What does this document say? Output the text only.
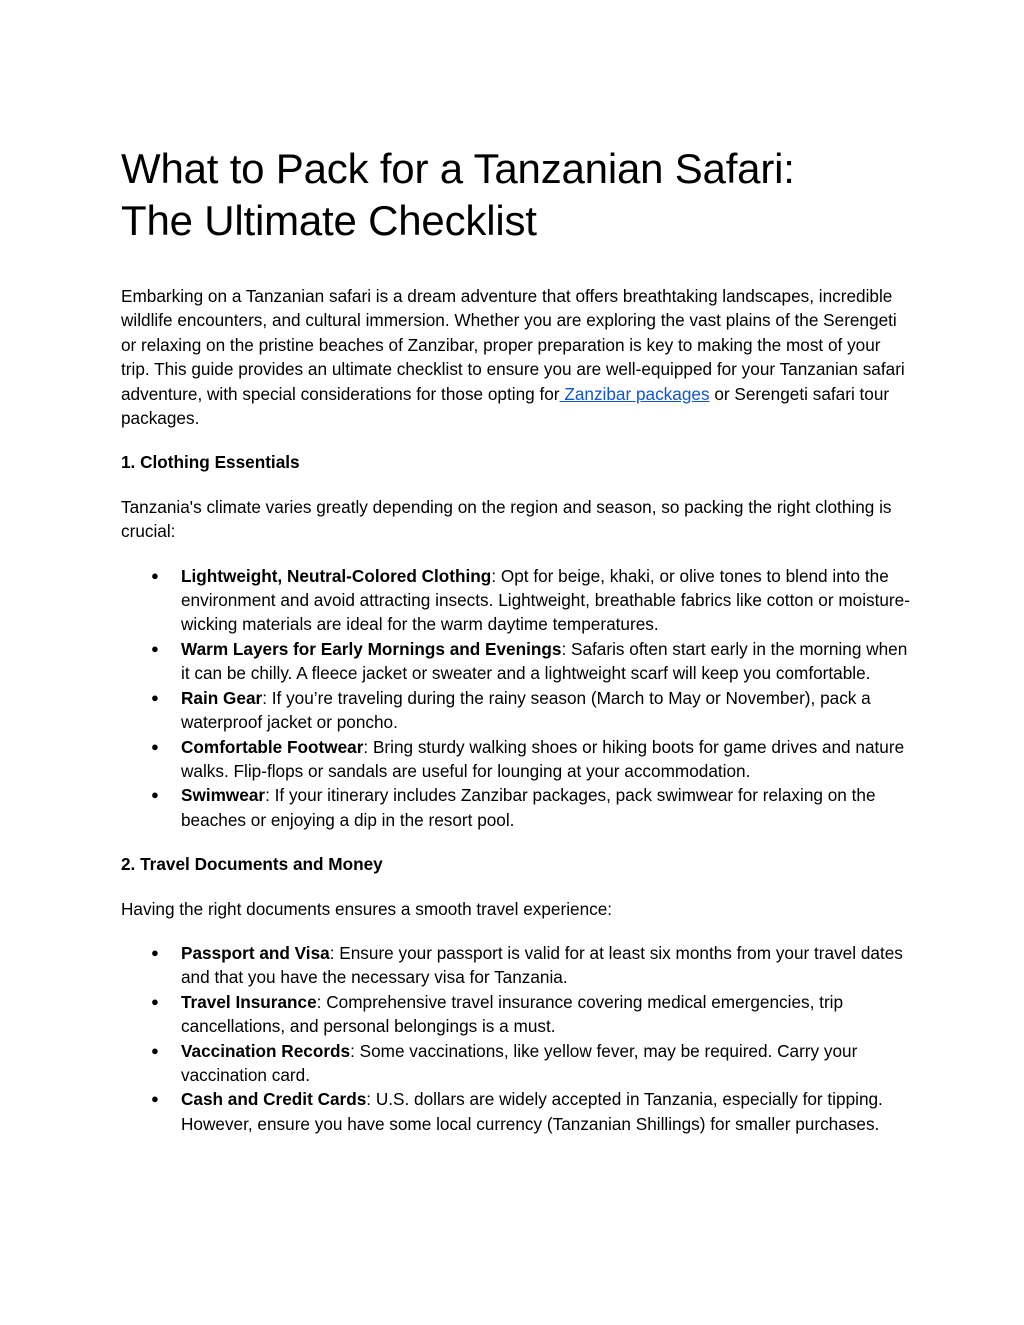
What to Pack for a Tanzanian Safari:
The Ultimate Checklist

Embarking on a Tanzanian safari is a dream adventure that offers breathtaking landscapes, incredible wildlife encounters, and cultural immersion. Whether you are exploring the vast plains of the Serengeti or relaxing on the pristine beaches of Zanzibar, proper preparation is key to making the most of your trip. This guide provides an ultimate checklist to ensure you are well-equipped for your Tanzanian safari adventure, with special considerations for those opting for Zanzibar packages or Serengeti safari tour packages.

1. Clothing Essentials

Tanzania's climate varies greatly depending on the region and season, so packing the right clothing is crucial:

● Lightweight, Neutral-Colored Clothing: Opt for beige, khaki, or olive tones to blend into the environment and avoid attracting insects. Lightweight, breathable fabrics like cotton or moisture-wicking materials are ideal for the warm daytime temperatures.
● Warm Layers for Early Mornings and Evenings: Safaris often start early in the morning when it can be chilly. A fleece jacket or sweater and a lightweight scarf will keep you comfortable.
● Rain Gear: If you’re traveling during the rainy season (March to May or November), pack a waterproof jacket or poncho.
● Comfortable Footwear: Bring sturdy walking shoes or hiking boots for game drives and nature walks. Flip-flops or sandals are useful for lounging at your accommodation.
● Swimwear: If your itinerary includes Zanzibar packages, pack swimwear for relaxing on the beaches or enjoying a dip in the resort pool.
2. Travel Documents and Money

Having the right documents ensures a smooth travel experience:

● Passport and Visa: Ensure your passport is valid for at least six months from your travel dates and that you have the necessary visa for Tanzania.
● Travel Insurance: Comprehensive travel insurance covering medical emergencies, trip cancellations, and personal belongings is a must.
● Vaccination Records: Some vaccinations, like yellow fever, may be required. Carry your vaccination card.
● Cash and Credit Cards: U.S. dollars are widely accepted in Tanzania, especially for tipping. However, ensure you have some local currency (Tanzanian Shillings) for smaller purchases.
